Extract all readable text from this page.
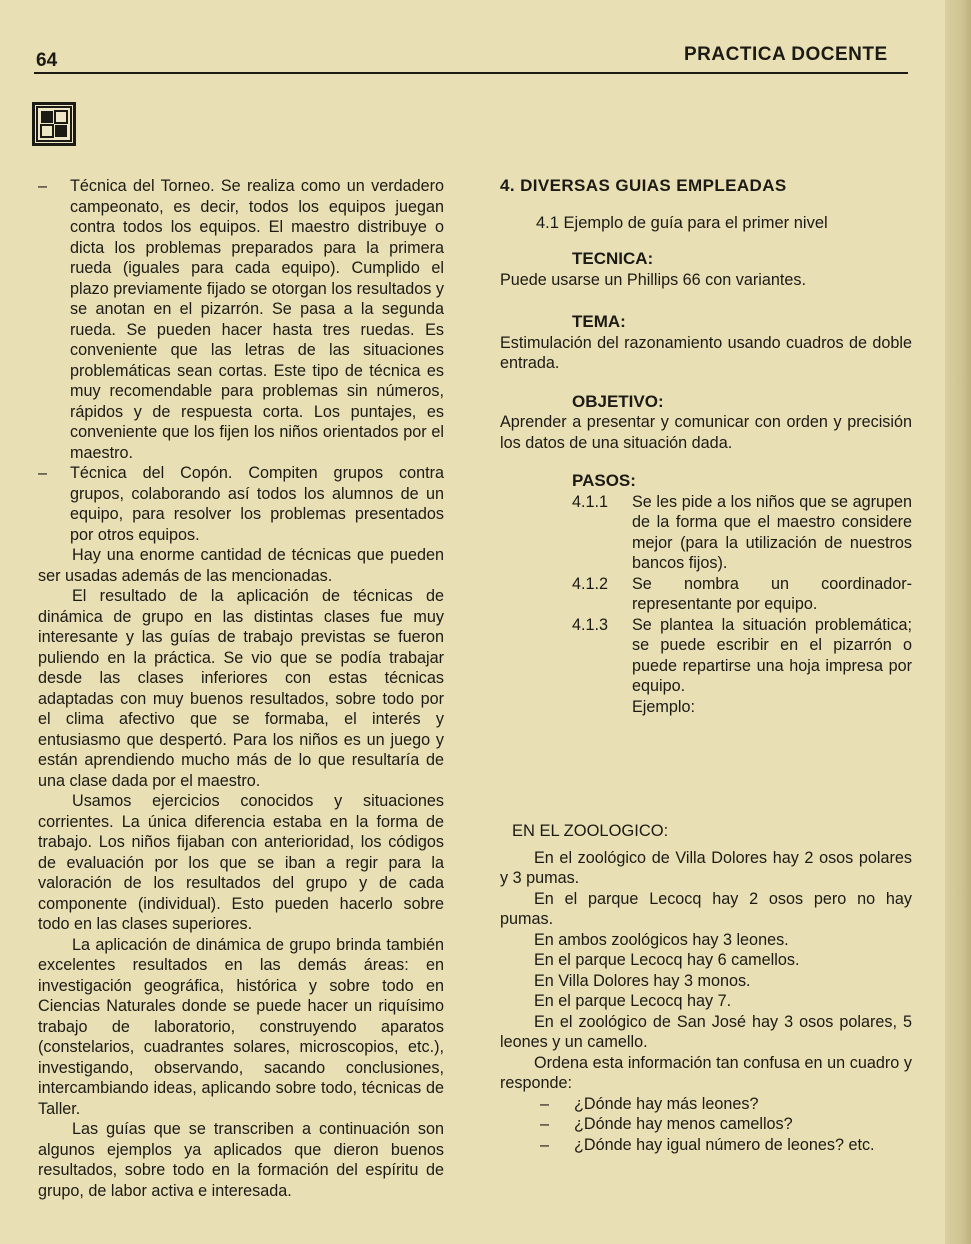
64	PRACTICA DOCENTE
– Técnica del Torneo. Se realiza como un verdadero campeonato, es decir, todos los equipos juegan contra todos los equipos. El maestro distribuye o dicta los problemas preparados para la primera rueda (iguales para cada equipo). Cumplido el plazo previamente fijado se otorgan los resultados y se anotan en el pizarrón. Se pasa a la segunda rueda. Se pueden hacer hasta tres ruedas. Es conveniente que las letras de las situaciones problemáticas sean cortas. Este tipo de técnica es muy recomendable para problemas sin números, rápidos y de respuesta corta. Los puntajes, es conveniente que los fijen los niños orientados por el maestro.
– Técnica del Copón. Compiten grupos contra grupos, colaborando así todos los alumnos de un equipo, para resolver los problemas presentados por otros equipos.

Hay una enorme cantidad de técnicas que pueden ser usadas además de las mencionadas.

El resultado de la aplicación de técnicas de dinámica de grupo en las distintas clases fue muy interesante y las guías de trabajo previstas se fueron puliendo en la práctica. Se vio que se podía trabajar desde las clases inferiores con estas técnicas adaptadas con muy buenos resultados, sobre todo por el clima afectivo que se formaba, el interés y entusiasmo que despertó. Para los niños es un juego y están aprendiendo mucho más de lo que resultaría de una clase dada por el maestro.

Usamos ejercicios conocidos y situaciones corrientes. La única diferencia estaba en la forma de trabajo. Los niños fijaban con anterioridad, los códigos de evaluación por los que se iban a regir para la valoración de los resultados del grupo y de cada componente (individual). Esto pueden hacerlo sobre todo en las clases superiores.

La aplicación de dinámica de grupo brinda también excelentes resultados en las demás áreas: en investigación geográfica, histórica y sobre todo en Ciencias Naturales donde se puede hacer un riquísimo trabajo de laboratorio, construyendo aparatos (constelarios, cuadrantes solares, microscopios, etc.), investigando, observando, sacando conclusiones, intercambiando ideas, aplicando sobre todo, técnicas de Taller.

Las guías que se transcriben a continuación son algunos ejemplos ya aplicados que dieron buenos resultados, sobre todo en la formación del espíritu de grupo, de labor activa e interesada.

4. DIVERSAS GUIAS EMPLEADAS
4.1 Ejemplo de guía para el primer nivel
TECNICA:

Puede usarse un Phillips 66 con variantes.

TEMA:

Estimulación del razonamiento usando cuadros de doble entrada.

OBJETIVO:

Aprender a presentar y comunicar con orden y precisión los datos de una situación dada.

PASOS:
4.1.1 Se les pide a los niños que se agrupen de la forma que el maestro considere mejor (para la utilización de nuestros bancos fijos).
4.1.2 Se nombra un coordinador-representante por equipo.
4.1.3 Se plantea la situación problemática; se puede escribir en el pizarrón o puede repartirse una hoja impresa por equipo.
Ejemplo:
EN EL ZOOLOGICO:

En el zoológico de Villa Dolores hay 2 osos polares y 3 pumas.

En el parque Lecocq hay 2 osos pero no hay pumas.

En ambos zoológicos hay 3 leones.

En el parque Lecocq hay 6 camellos.

En Villa Dolores hay 3 monos.

En el parque Lecocq hay 7.

En el zoológico de San José hay 3 osos polares, 5 leones y un camello.

Ordena esta información tan confusa en un cuadro y responde:

– ¿Dónde hay más leones?
– ¿Dónde hay menos camellos?
– ¿Dónde hay igual número de leones? etc.
